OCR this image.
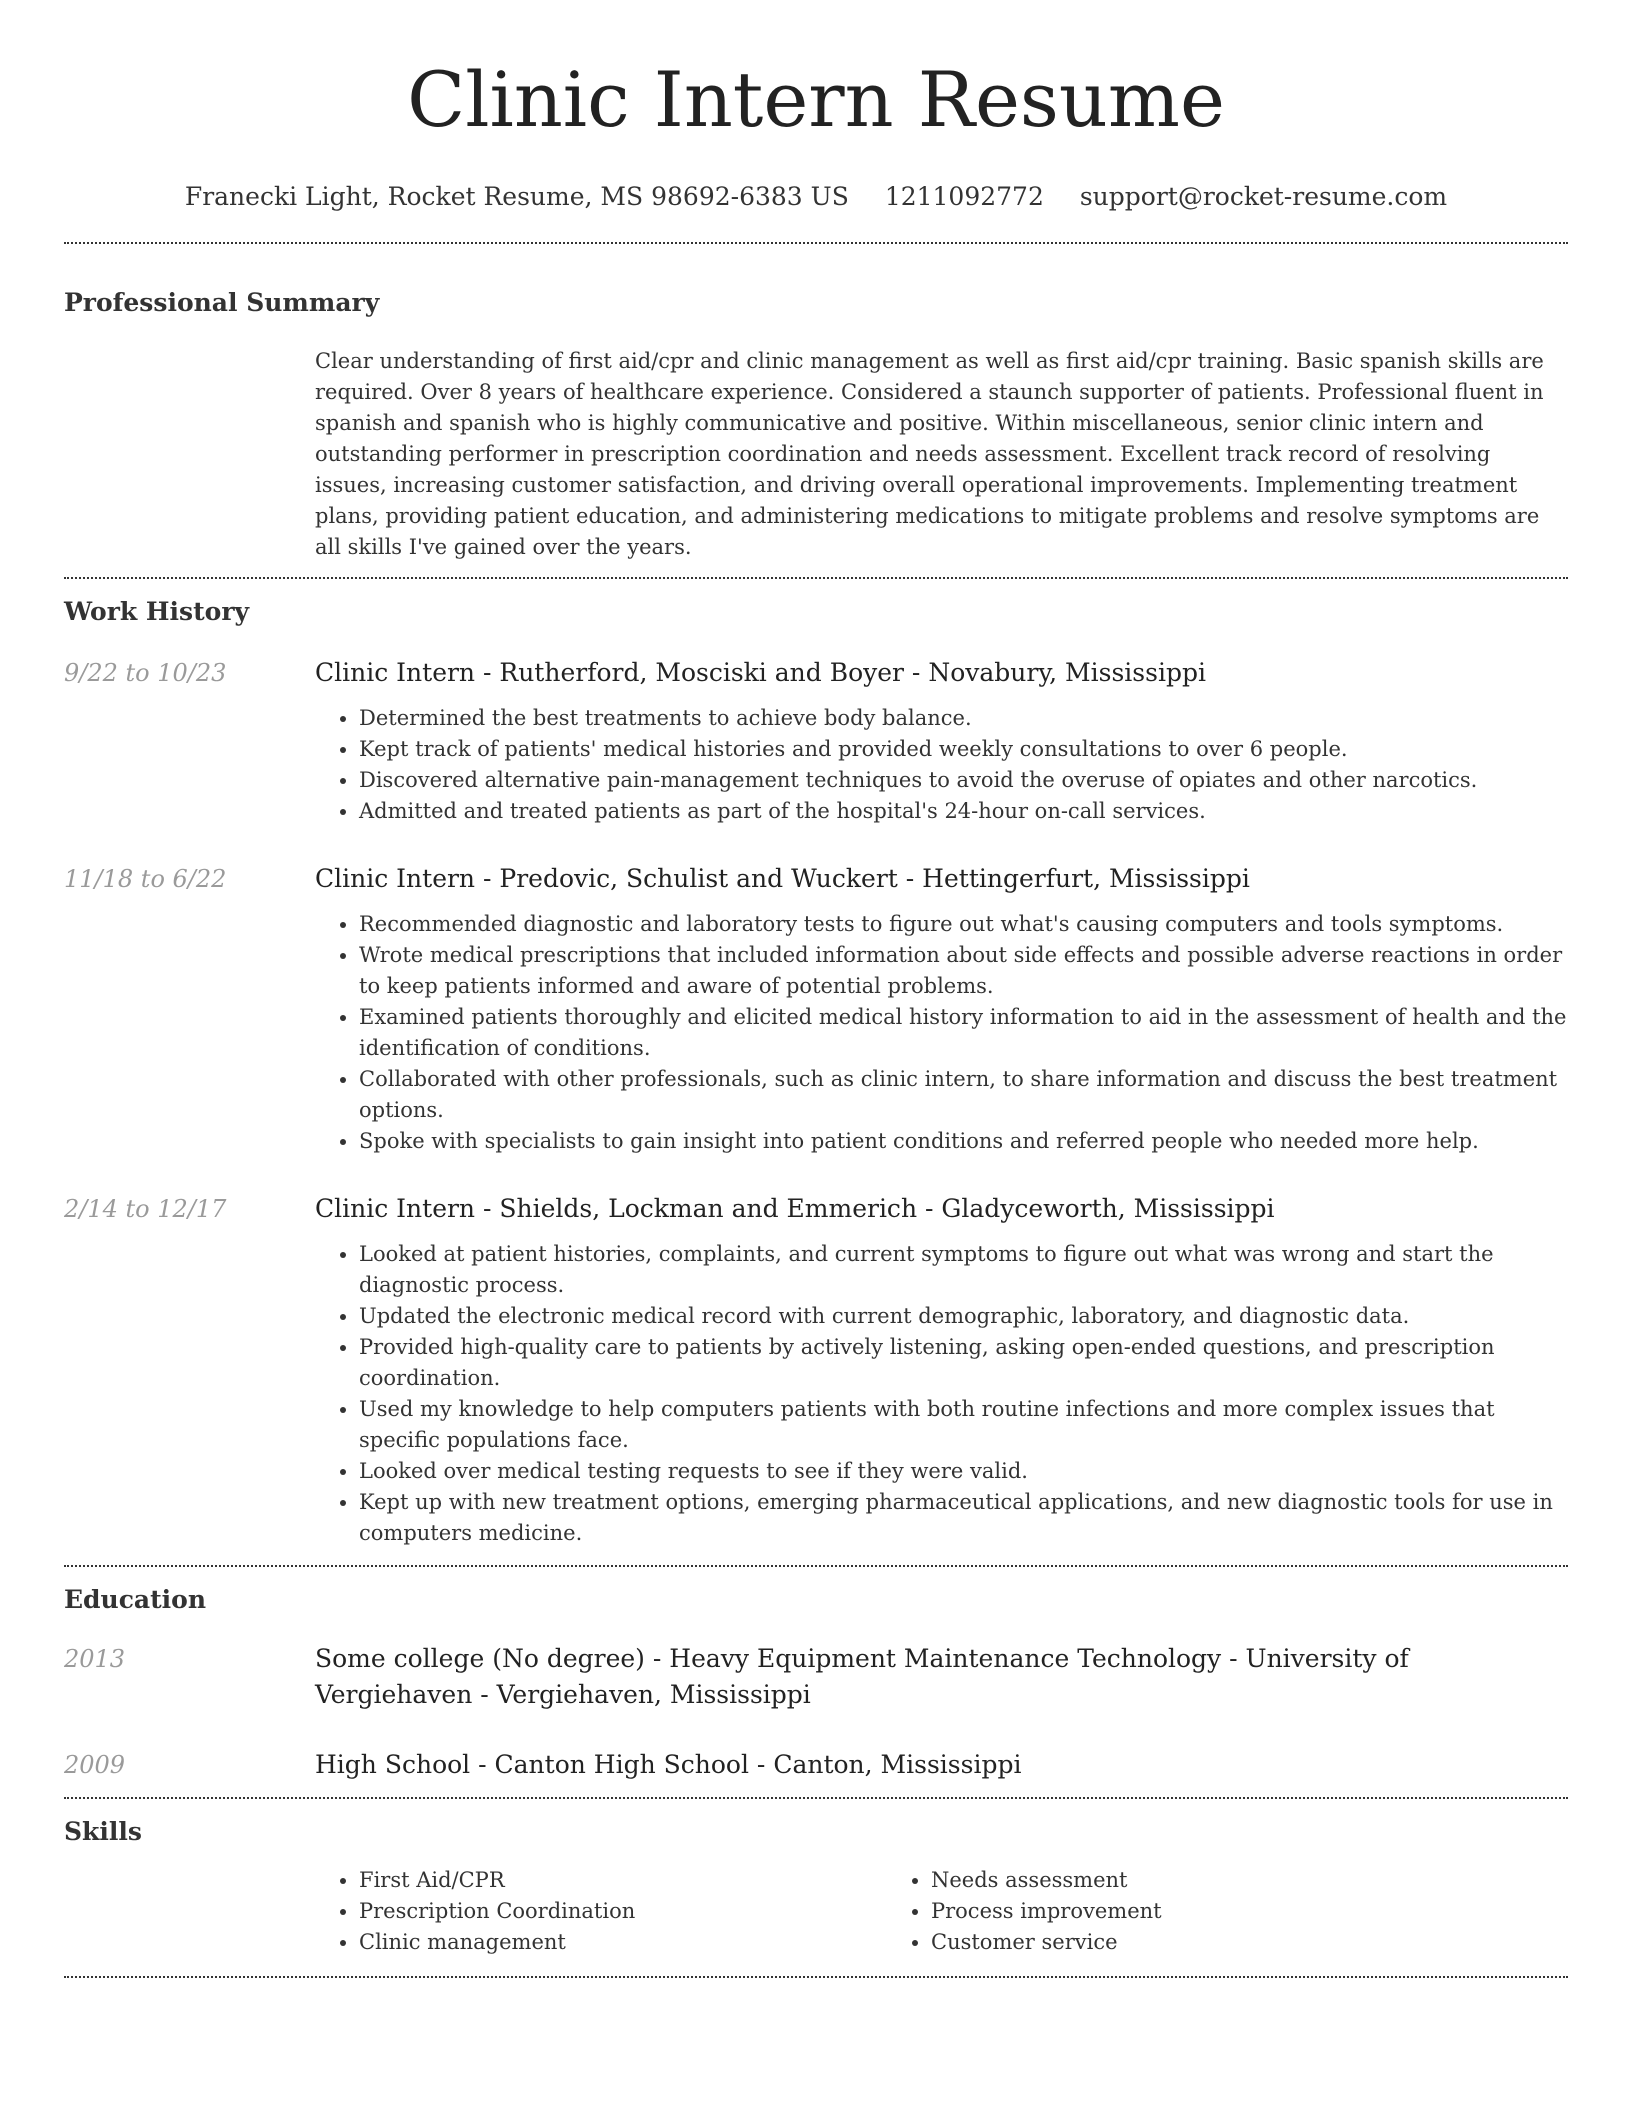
Clinic Intern Resume
Franecki Light, Rocket Resume, MS 98692-6383 US 1211092772 support@rocket-resume.com
Professional Summary
Clear understanding of first aid/cpr and clinic management as well as first aid/cpr training. Basic spanish skills are required. Over 8 years of healthcare experience. Considered a staunch supporter of patients. Professional fluent in spanish and spanish who is highly communicative and positive. Within miscellaneous, senior clinic intern and outstanding performer in prescription coordination and needs assessment. Excellent track record of resolving issues, increasing customer satisfaction, and driving overall operational improvements. Implementing treatment plans, providing patient education, and administering medications to mitigate problems and resolve symptoms are all skills I've gained over the years.
Work History
9/22 to 10/23	Clinic Intern - Rutherford, Mosciski and Boyer - Novabury, Mississippi
• Determined the best treatments to achieve body balance.
• Kept track of patients' medical histories and provided weekly consultations to over 6 people.
• Discovered alternative pain-management techniques to avoid the overuse of opiates and other narcotics.
• Admitted and treated patients as part of the hospital's 24-hour on-call services.
11/18 to 6/22	Clinic Intern - Predovic, Schulist and Wuckert - Hettingerfurt, Mississippi
• Recommended diagnostic and laboratory tests to figure out what's causing computers and tools symptoms.
• Wrote medical prescriptions that included information about side effects and possible adverse reactions in order to keep patients informed and aware of potential problems.
• Examined patients thoroughly and elicited medical history information to aid in the assessment of health and the identification of conditions.
• Collaborated with other professionals, such as clinic intern, to share information and discuss the best treatment options.
• Spoke with specialists to gain insight into patient conditions and referred people who needed more help.
2/14 to 12/17	Clinic Intern - Shields, Lockman and Emmerich - Gladyceworth, Mississippi
• Looked at patient histories, complaints, and current symptoms to figure out what was wrong and start the diagnostic process.
• Updated the electronic medical record with current demographic, laboratory, and diagnostic data.
• Provided high-quality care to patients by actively listening, asking open-ended questions, and prescription coordination.
• Used my knowledge to help computers patients with both routine infections and more complex issues that specific populations face.
• Looked over medical testing requests to see if they were valid.
• Kept up with new treatment options, emerging pharmaceutical applications, and new diagnostic tools for use in computers medicine.
Education
2013	Some college (No degree) - Heavy Equipment Maintenance Technology - University of Vergiehaven - Vergiehaven, Mississippi
2009	High School - Canton High School - Canton, Mississippi
Skills
• First Aid/CPR
• Prescription Coordination
• Clinic management
• Needs assessment
• Process improvement
• Customer service
